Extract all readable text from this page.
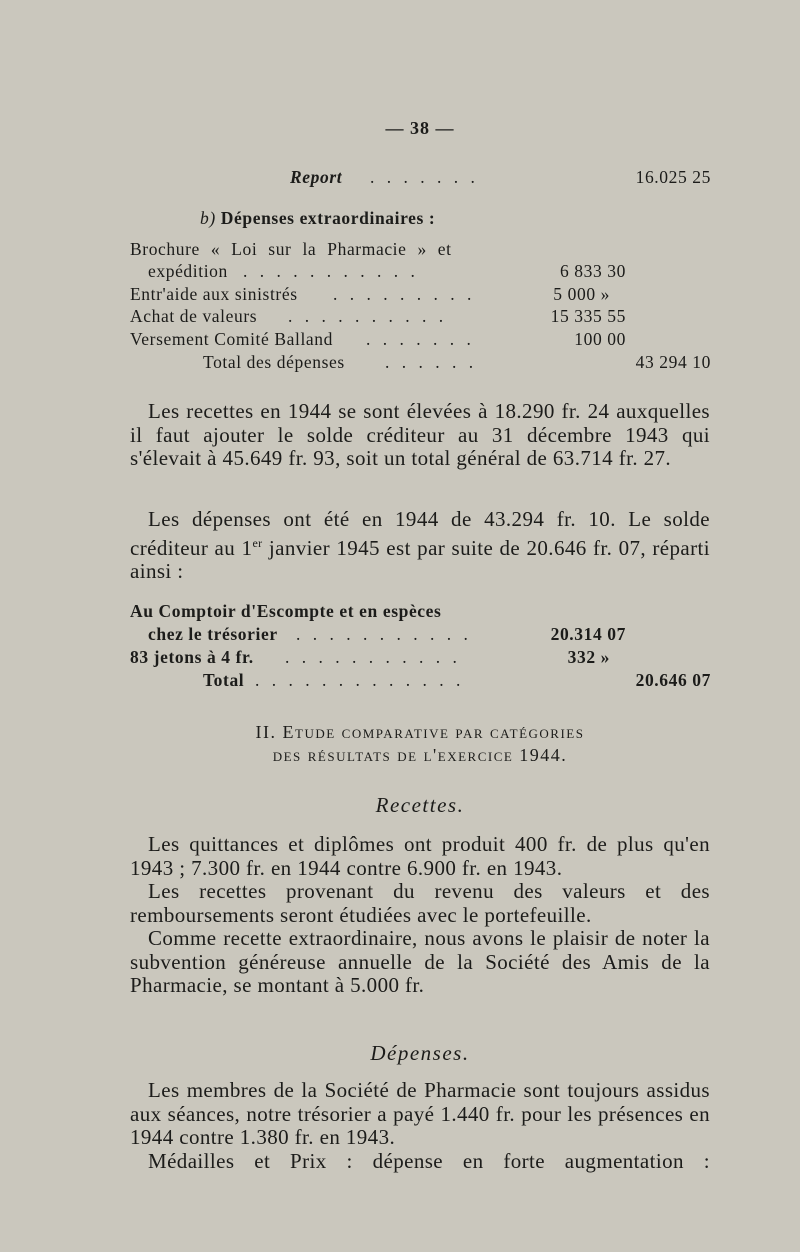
— 38 —
Report . . . . . . .	16.025 25
b) Dépenses extraordinaires :
Brochure « Loi sur la Pharmacie » et
expédition . . . . . . . . . . .	6 833 30
Entr'aide aux sinistrés . . . . . . . . .	5 000 »
Achat de valeurs . . . . . . . . . .	15 335 55
Versement Comité Balland . . . . . . .	100 00
Total des dépenses . . . . . .	43 294 10

Les recettes en 1944 se sont élevées à 18.290 fr. 24 auxquelles il faut ajouter le solde créditeur au 31 décembre 1943 qui s'élevait à 45.649 fr. 93, soit un total général de 63.714 fr. 27.

Les dépenses ont été en 1944 de 43.294 fr. 10. Le solde créditeur au 1er janvier 1945 est par suite de 20.646 fr. 07, réparti ainsi :

Au Comptoir d'Escompte et en espèces
chez le trésorier . . . . . . . . . . .	20.314 07
83 jetons à 4 fr. . . . . . . . . . . .	332 »
Total . . . . . . . . . . . . .	20.646 07
II. Etude comparative par catégories
des résultats de l'exercice 1944.
Recettes.

Les quittances et diplômes ont produit 400 fr. de plus qu'en 1943 ; 7.300 fr. en 1944 contre 6.900 fr. en 1943.

Les recettes provenant du revenu des valeurs et des remboursements seront étudiées avec le portefeuille.

Comme recette extraordinaire, nous avons le plaisir de noter la subvention généreuse annuelle de la Société des Amis de la Pharmacie, se montant à 5.000 fr.

Dépenses.

Les membres de la Société de Pharmacie sont toujours assidus aux séances, notre trésorier a payé 1.440 fr. pour les présences en 1944 contre 1.380 fr. en 1943.

Médailles et Prix : dépense en forte augmentation :
